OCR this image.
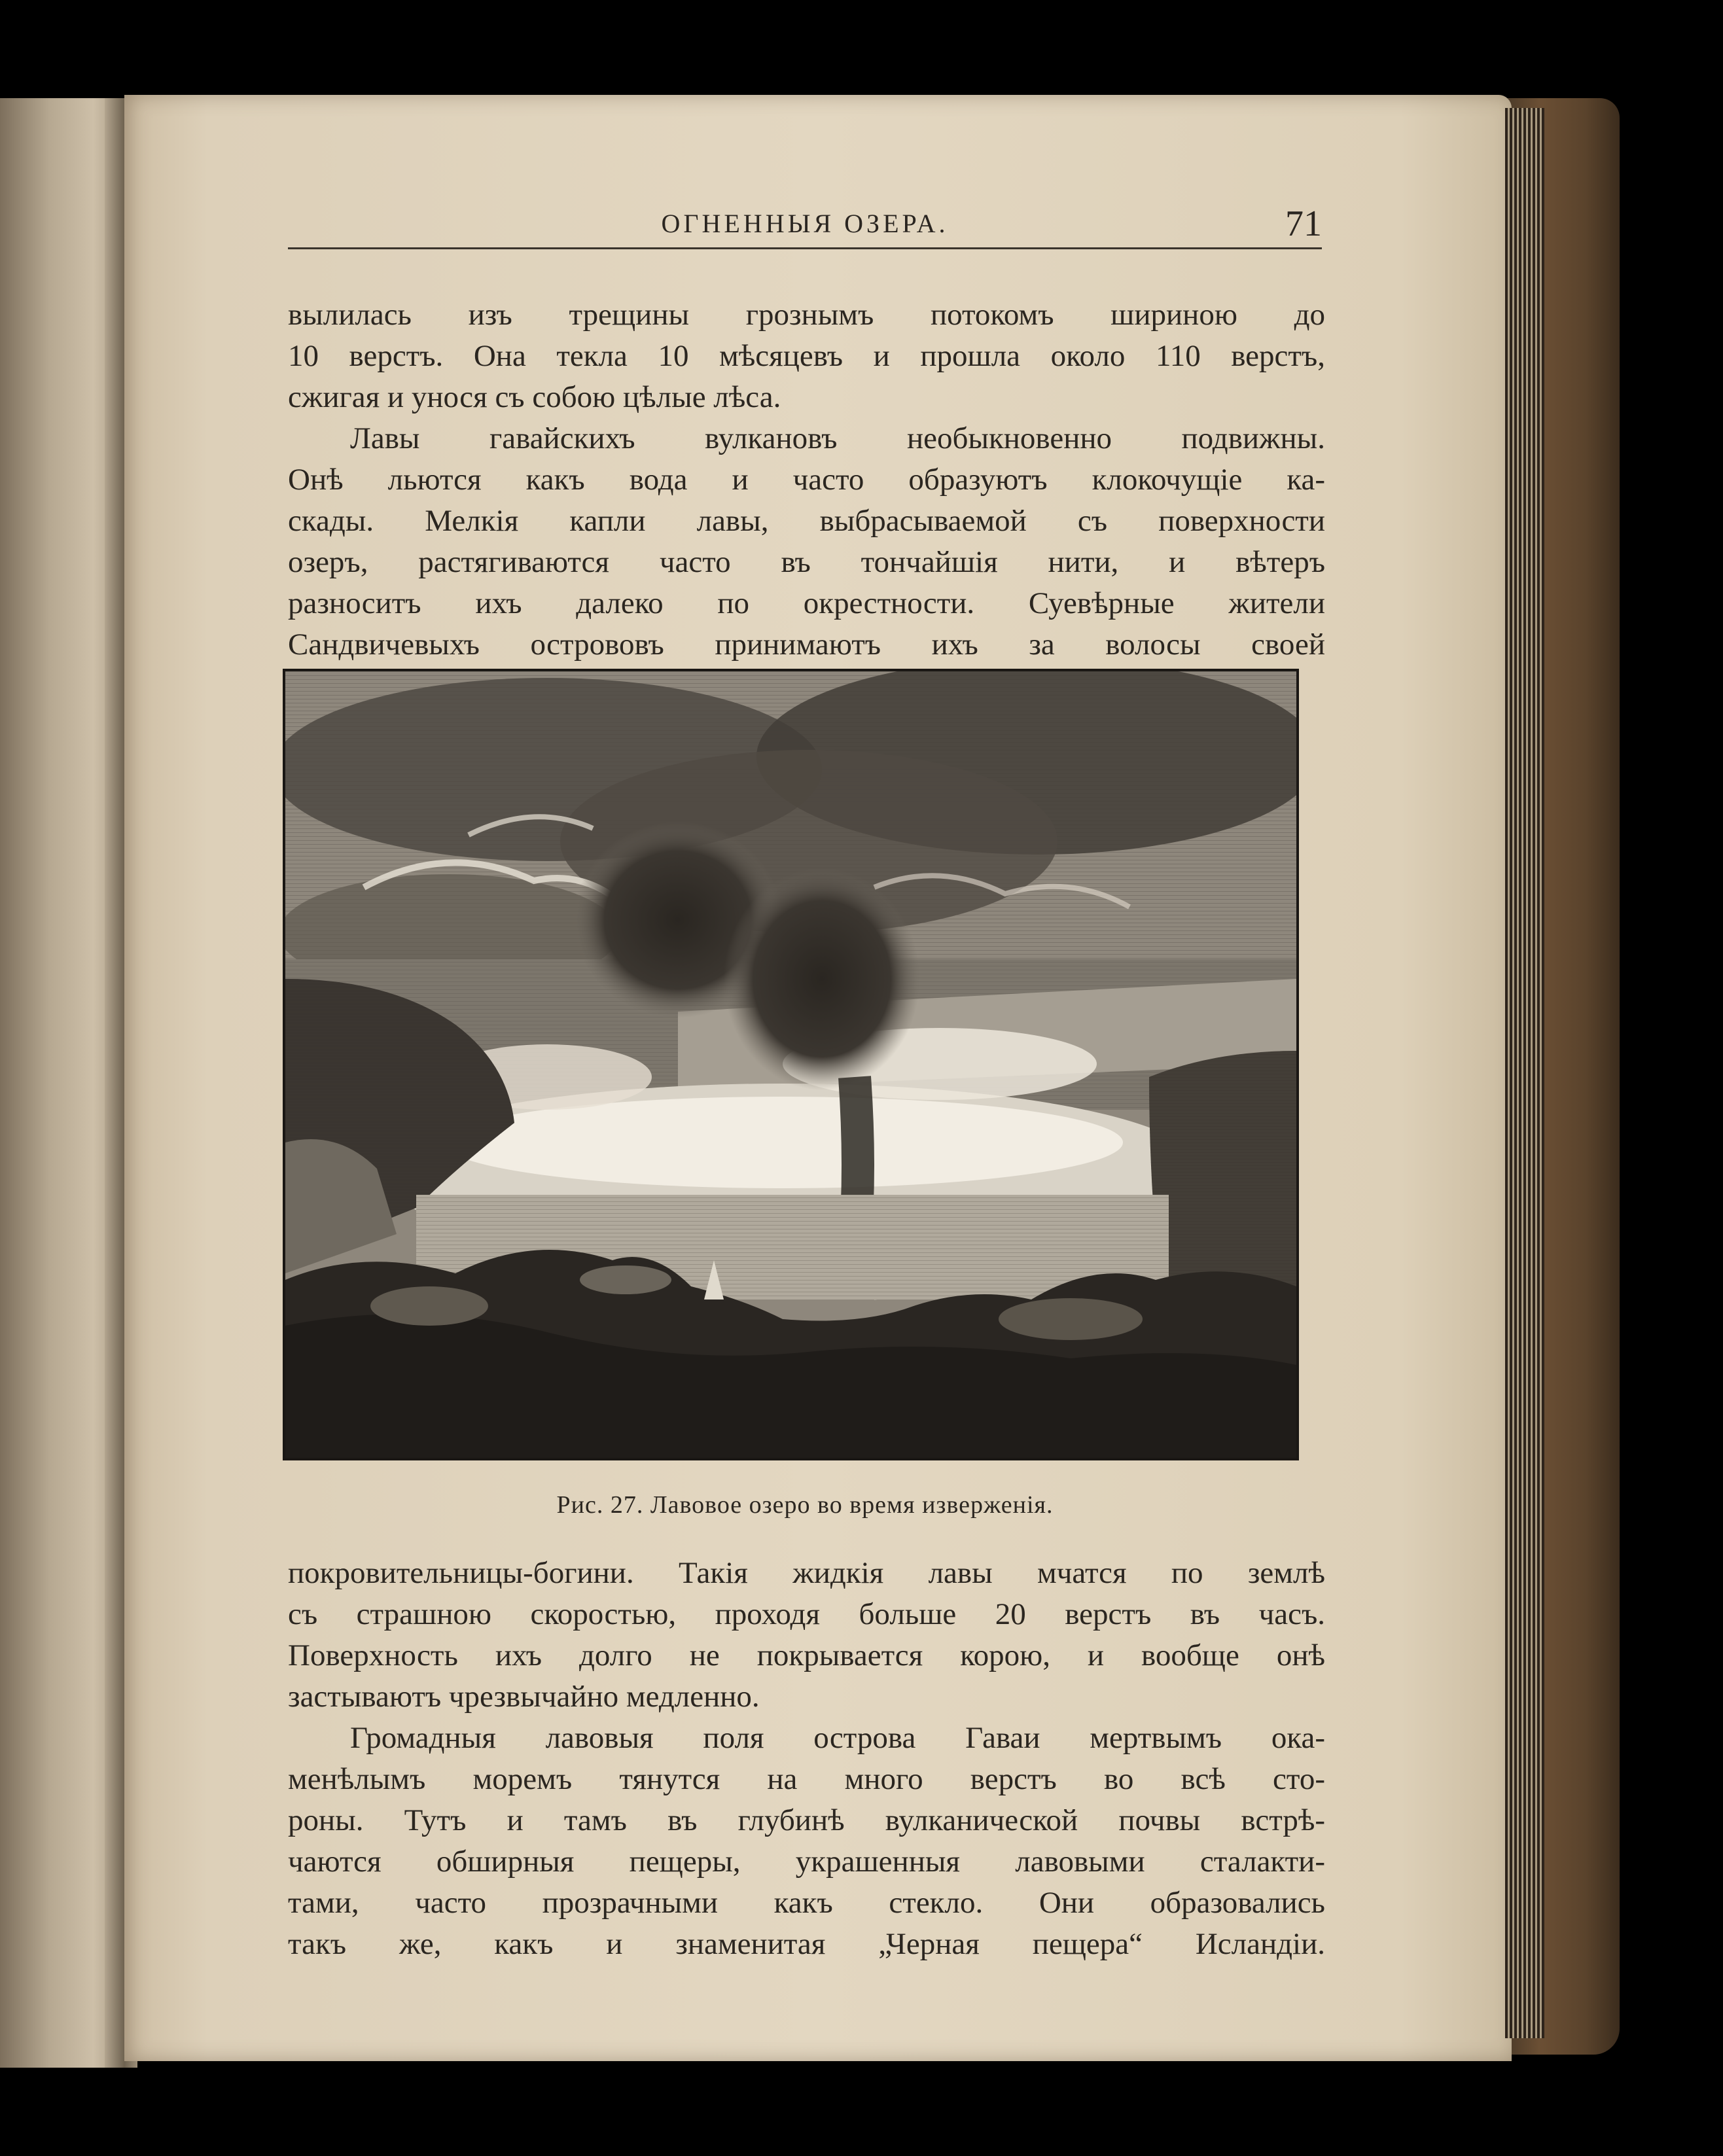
ОГНЕННЫЯ ОЗЕРА.	71
вылилась изъ трещины грознымъ потокомъ шириною до
10 верстъ. Она текла 10 мѣсяцевъ и прошла около 110 верстъ,
сжигая и унося съ собою цѣлые лѣса.
Лавы гавайскихъ вулкановъ необыкновенно подвижны.
Онѣ льются какъ вода и часто образуютъ клокочущіе ка-
скады. Мелкія капли лавы, выбрасываемой съ поверхности
озеръ, растягиваются часто въ тончайшія нити, и вѣтеръ
разноситъ ихъ далеко по окрестности. Суевѣрные жители
Сандвичевыхъ острововъ принимаютъ ихъ за волосы своей
Рис. 27. Лавовое озеро во время изверженія.
покровительницы-богини. Такія жидкія лавы мчатся по землѣ
съ страшною скоростью, проходя больше 20 верстъ въ часъ.
Поверхность ихъ долго не покрывается корою, и вообще онѣ
застываютъ чрезвычайно медленно.
Громадныя лавовыя поля острова Гаваи мертвымъ ока-
менѣлымъ моремъ тянутся на много верстъ во всѣ сто-
роны. Тутъ и тамъ въ глубинѣ вулканической почвы встрѣ-
чаются обширныя пещеры, украшенныя лавовыми сталакти-
тами, часто прозрачными какъ стекло. Они образовались
такъ же, какъ и знаменитая „Черная пещера“ Исландіи.
